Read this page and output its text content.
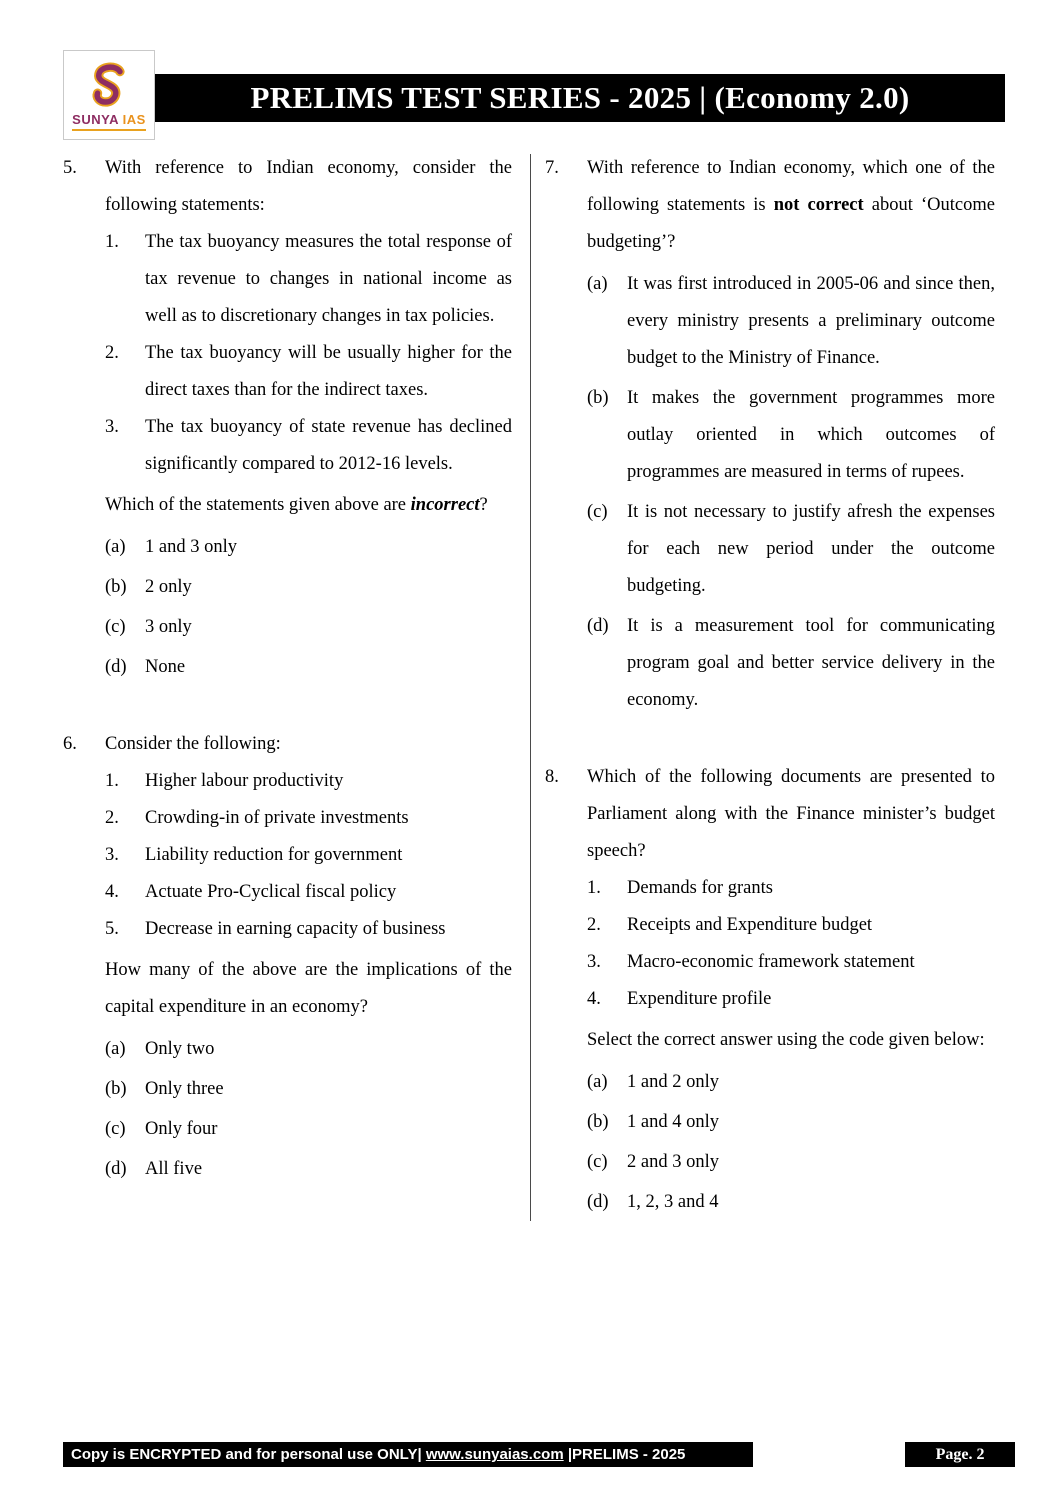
SUNYA IAS
PRELIMS TEST SERIES - 2025 | (Economy 2.0)
5.	With reference to Indian economy, consider the following statements:

1.	The tax buoyancy measures the total response of tax revenue to changes in national income as well as to discretionary changes in tax policies.
2.	The tax buoyancy will be usually higher for the direct taxes than for the indirect taxes.
3.	The tax buoyancy of state revenue has declined significantly compared to 2012-16 levels.

Which of the statements given above are incorrect?

(a)	1 and 3 only
(b) 2 only
(c)	3 only
(d) None
6.	Consider the following:

1.	Higher labour productivity
2.	Crowding-in of private investments
3.	Liability reduction for government
4.	Actuate Pro-Cyclical fiscal policy
5.	Decrease in earning capacity of business

How many of the above are the implications of the capital expenditure in an economy?

(a)	Only two
(b) Only three
(c)	Only four
(d) All five
7.	With reference to Indian economy, which one of the following statements is not correct about ‘Outcome budgeting’?

(a)	It was first introduced in 2005-06 and since then, every ministry presents a preliminary outcome budget to the Ministry of Finance.
(b) It makes the government programmes more outlay oriented in which outcomes of programmes are measured in terms of rupees.
(c)	It is not necessary to justify afresh the expenses for each new period under the outcome budgeting.
(d) It is a measurement tool for communicating program goal and better service delivery in the economy.
8.	Which of the following documents are presented to Parliament along with the Finance minister’s budget speech?

1.	Demands for grants
2.	Receipts and Expenditure budget
3.	Macro-economic framework statement
4.	Expenditure profile

Select the correct answer using the code given below:

(a)	1 and 2 only
(b) 1 and 4 only
(c)	2 and 3 only
(d) 1, 2, 3 and 4
Copy is ENCRYPTED and for personal use ONLY| www.sunyaias.com |PRELIMS - 2025	Page. 2
